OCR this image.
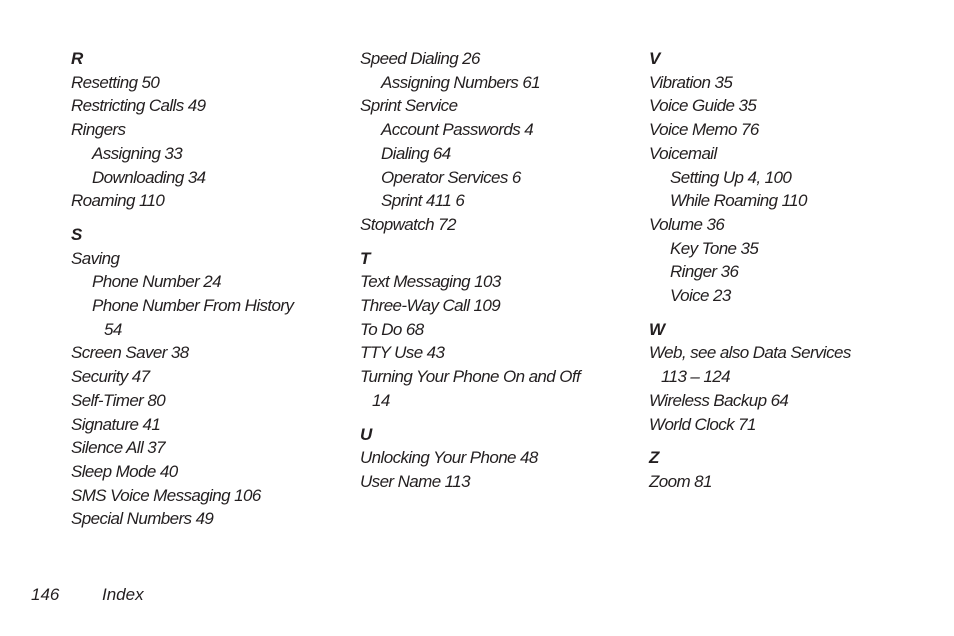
R
Resetting 50
Restricting Calls 49
Ringers
Assigning 33
Downloading 34
Roaming 110
S
Saving
Phone Number 24
Phone Number From History
54
Screen Saver 38
Security 47
Self-Timer 80
Signature 41
Silence All 37
Sleep Mode 40
SMS Voice Messaging 106
Special Numbers 49
Speed Dialing 26
Assigning Numbers 61
Sprint Service
Account Passwords 4
Dialing 64
Operator Services 6
Sprint 411 6
Stopwatch 72
T
Text Messaging 103
Three-Way Call 109
To Do 68
TTY Use 43
Turning Your Phone On and Off
14
U
Unlocking Your Phone 48
User Name 113
V
Vibration 35
Voice Guide 35
Voice Memo 76
Voicemail
Setting Up 4, 100
While Roaming 110
Volume 36
Key Tone 35
Ringer 36
Voice 23
W
Web, see also Data Services
113 – 124
Wireless Backup 64
World Clock 71
Z
Zoom 81
146	Index
